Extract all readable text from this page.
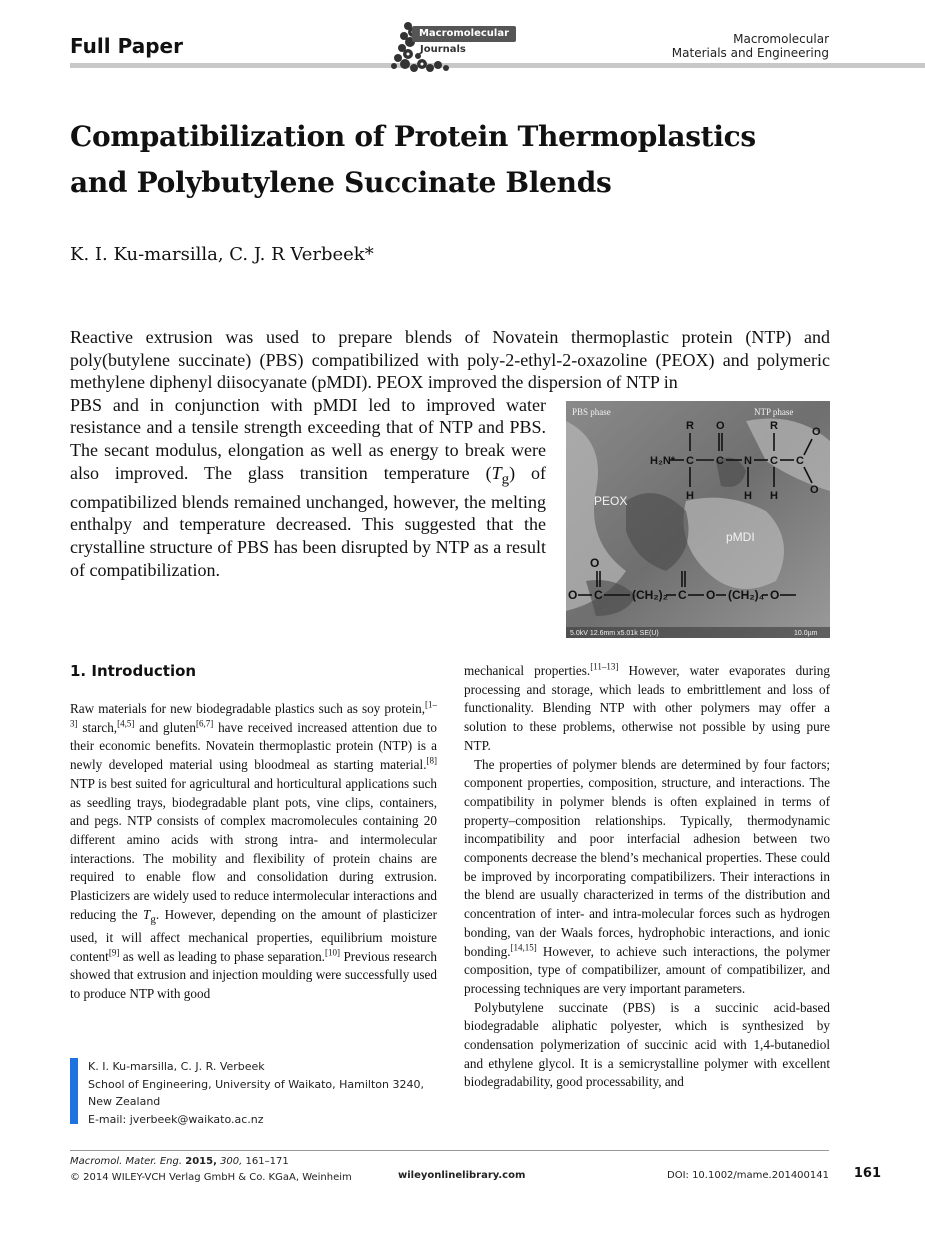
Full Paper
Macromolecular
Journals
Macromolecular
Materials and Engineering
Compatibilization of Protein Thermoplastics
and Polybutylene Succinate Blends
K. I. Ku-marsilla, C. J. R Verbeek*

Reactive extrusion was used to prepare blends of Novatein thermoplastic protein (NTP) and poly(butylene succinate) (PBS) compatibilized with poly-2-ethyl-2-oxazoline (PEOX) and polymeric methylene diphenyl diisocyanate (pMDI). PEOX improved the dispersion of NTP in

PBS and in conjunction with pMDI led to improved water resistance and a tensile strength exceeding that of NTP and PBS. The secant modulus, elongation as well as energy to break were also improved. The glass transition temperature $(T_g)$ of compatibilized blends remained unchanged, however, the melting enthalpy and temperature decreased. This suggested that the crystalline structure of PBS has been disrupted by NTP as a result of compatibilization.

PBS phase	NTP phase
R O	R	O
H₂N* C C N C C
H	H H	O
PEOX
pMDI
O C (CH₂)₂ C O (CH₂)₄ O
O
5.0kV 12.6mm x5.01k SE(U)	10.0µm
1. Introduction

Raw materials for new biodegradable plastics such as soy protein,[1–3] starch,[4,5] and gluten[6,7] have received increased attention due to their economic benefits. Novatein thermoplastic protein (NTP) is a newly developed material using bloodmeal as starting material.[8] NTP is best suited for agricultural and horticultural applications such as seedling trays, biodegradable plant pots, vine clips, containers, and pegs. NTP consists of complex macromolecules containing 20 different amino acids with strong intra- and intermolecular interactions. The mobility and flexibility of protein chains are required to enable flow and consolidation during extrusion. Plasticizers are widely used to reduce intermolecular interactions and reducing the $T_g$. However, depending on the amount of plasticizer used, it will affect mechanical properties, equilibrium moisture content[9] as well as leading to phase separation.[10] Previous research showed that extrusion and injection moulding were successfully used to produce NTP with good

mechanical properties.[11–13] However, water evaporates during processing and storage, which leads to embrittlement and loss of functionality. Blending NTP with other polymers may offer a solution to these problems, otherwise not possible by using pure NTP.

The properties of polymer blends are determined by four factors; component properties, composition, structure, and interactions. The compatibility in polymer blends is often explained in terms of property–composition relationships. Typically, thermodynamic incompatibility and poor interfacial adhesion between two components decrease the blend’s mechanical properties. These could be improved by incorporating compatibilizers. Their interactions in the blend are usually characterized in terms of the distribution and concentration of inter- and intra-molecular forces such as hydrogen bonding, van der Waals forces, hydrophobic interactions, and ionic bonding.[14,15] However, to achieve such interactions, the polymer composition, type of compatibilizer, amount of compatibilizer, and processing techniques are very important parameters.

Polybutylene succinate (PBS) is a succinic acid-based biodegradable aliphatic polyester, which is synthesized by condensation polymerization of succinic acid with 1,4-butanediol and ethylene glycol. It is a semicrystalline polymer with excellent biodegradability, good processability, and

K. I. Ku-marsilla, C. J. R. Verbeek
School of Engineering, University of Waikato, Hamilton 3240,
New Zealand
E-mail: jverbeek@waikato.ac.nz
Macromol. Mater. Eng. 2015, 300, 161–171
© 2014 WILEY-VCH Verlag GmbH & Co. KGaA, Weinheim	wileyonlinelibrary.com	DOI: 10.1002/mame.201400141 161
